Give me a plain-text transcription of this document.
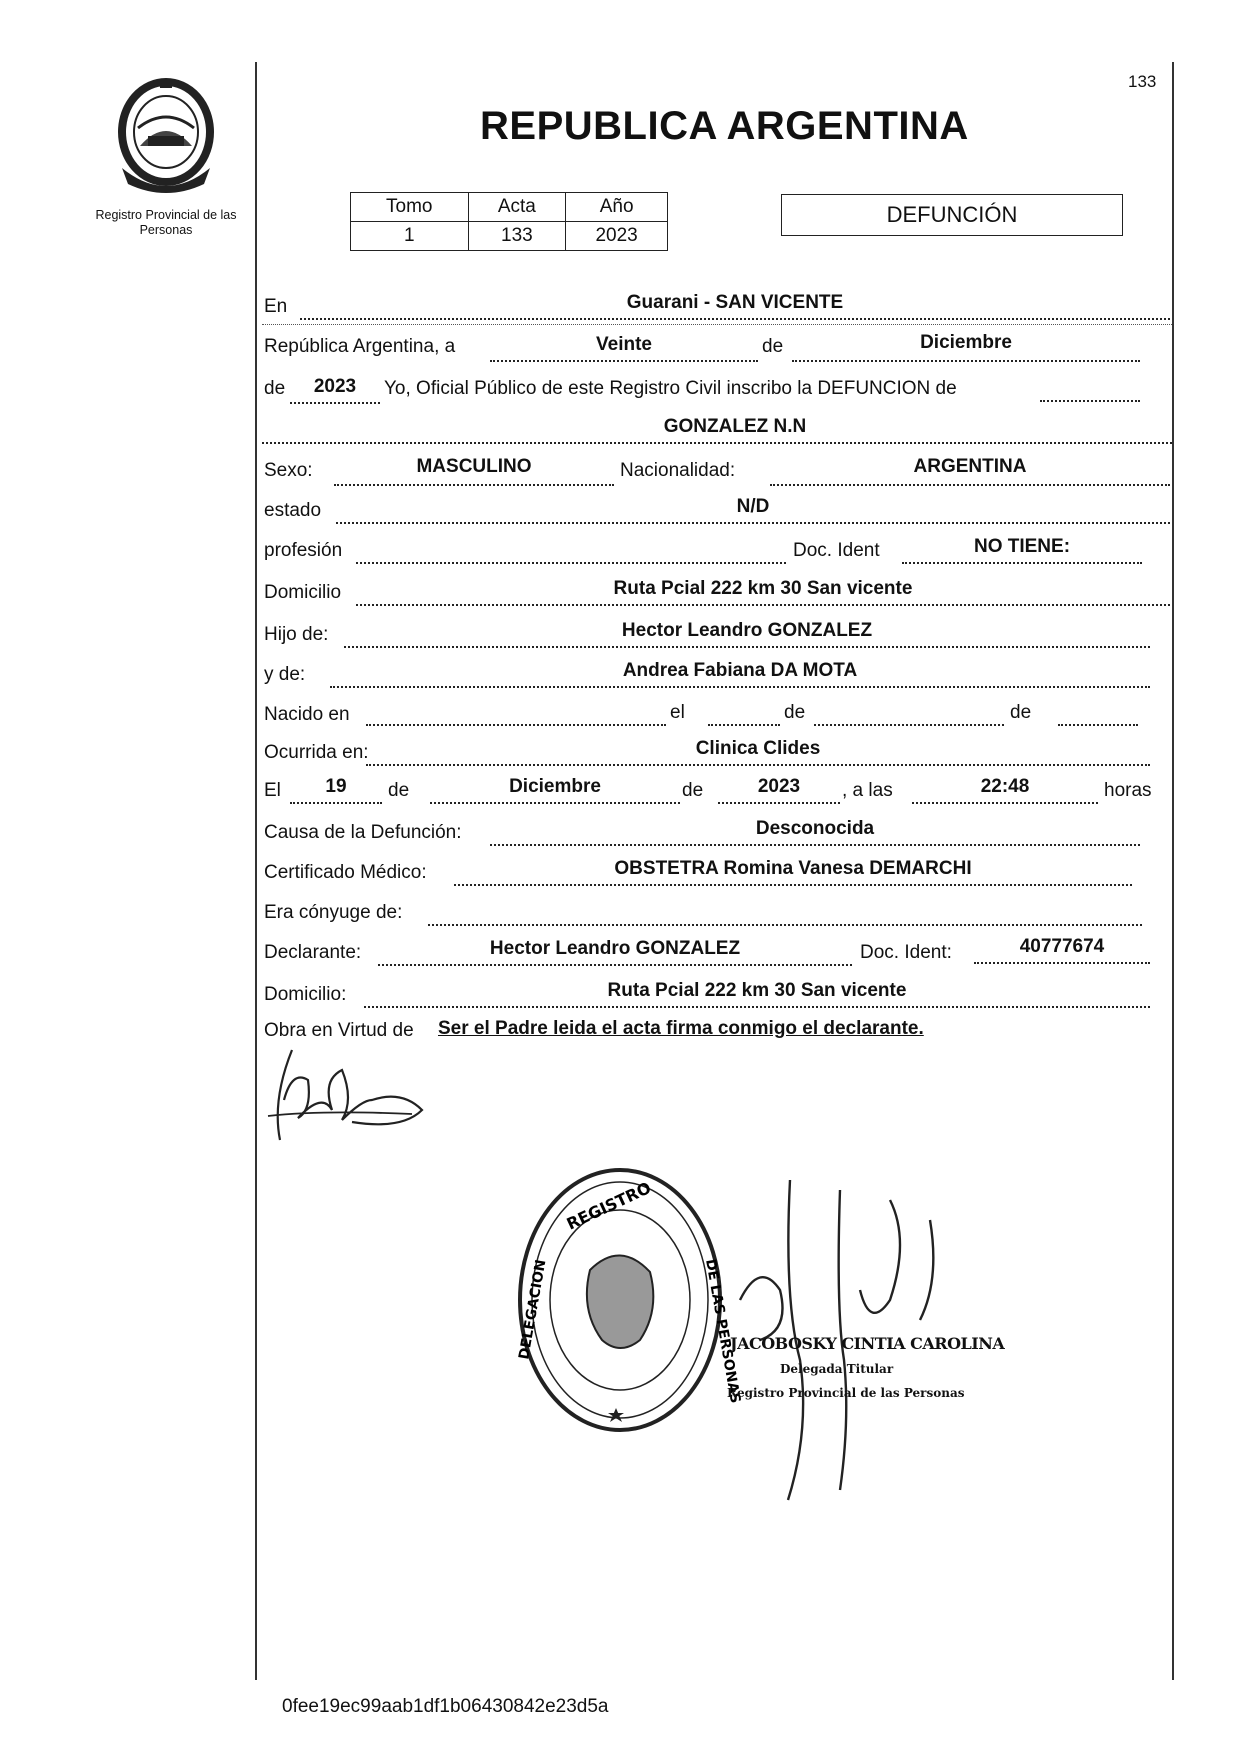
Registro Provincial de las Personas
133
REPUBLICA ARGENTINA
Tomo	Acta	Año
1	133	2023
DEFUNCIÓN
En	Guarani - SAN VICENTE
República Argentina, a	Veinte	de	Diciembre
de	2023	Yo, Oficial Público de este Registro Civil inscribo la DEFUNCION de
GONZALEZ N.N
Sexo:	MASCULINO	Nacionalidad:	ARGENTINA
estado	N/D
profesión	Doc. Ident	NO TIENE:
Domicilio	Ruta Pcial 222 km 30 San vicente
Hijo de:	Hector Leandro GONZALEZ
y de:	Andrea Fabiana DA MOTA
Nacido en	el	de	de
Ocurrida en:	Clinica Clides
El	19	de	Diciembre	de	2023	, a las	22:48	horas
Causa de la Defunción:	Desconocida
Certificado Médico:	OBSTETRA Romina Vanesa DEMARCHI
Era cónyuge de:
Declarante:	Hector Leandro GONZALEZ	Doc. Ident:	40777674
Domicilio:	Ruta Pcial 222 km 30 San vicente
Obra en Virtud de Ser el Padre leida el acta firma conmigo el declarante.
REGISTRO
DELEGACION	DE LAS PERSONAS
JACOBOSKY CINTIA CAROLINA
Delegada Titular
Registro Provincial de las Personas
0fee19ec99aab1df1b06430842e23d5a
